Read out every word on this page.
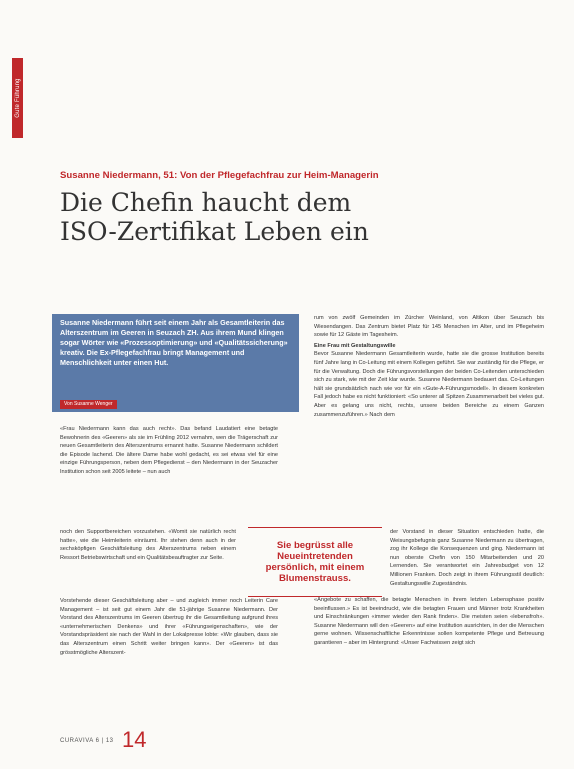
Gute Führung
Susanne Niedermann, 51: Von der Pflegefachfrau zur Heim-Managerin
Die Chefin haucht dem
ISO-Zertifikat Leben ein
Susanne Niedermann führt seit einem Jahr als Gesamtleiterin das Alterszentrum im Geeren in Seuzach ZH. Aus ihrem Mund klingen sogar Wörter wie «Prozessoptimierung» und «Qualitätssicherung» kreativ. Die Ex-Pflegefachfrau bringt Management und Menschlichkeit unter einen Hut.
Von Susanne Wenger

«Frau Niedermann kann das auch recht». Das befand Laudatiert eine betagte Bewohnerin des «Geeren» als sie im Frühling 2012 vernahm, wen die Trägerschaft zur neuen Gesamtleiterin des Alterszentrums ernannt hatte. Susanne Niedermann schildert die Episode lachend. Die ältere Dame habe wohl gedacht, es sei etwas viel für eine einzige Führungsperson, neben dem Pflegedienst – den Niedermann in der Seuzacher Institution schon seit 2005 leitete – nun auch

noch den Supportbereichen vorzustehen. «Womit sie natürlich recht hatte», wie die Heimleiterin einräumt. Ihr stehen denn auch in der sechsköpfigen Geschäftsleitung des Alterszentrums neben einem Ressort Betriebswirtschaft und ein Qualitätsbeauftragter zur Seite.

Sie begrüsst alle Neueintretenden persönlich, mit einem Blumenstrauss.

Vorstehende dieser Geschäftsleitung aber – und zugleich immer noch Leiterin Care Management – ist seit gut einem Jahr die 51-jährige Susanne Niedermann. Der Vorstand des Alterszentrums im Geeren übertrug ihr die Gesamtleitung aufgrund ihres «unternehmerischen Denkens» und ihrer «Führungseigenschaften», wie der Vorstandspräsident sie nach der Wahl in der Lokalpresse lobte: «Wir glauben, dass sie das Alterszentrum einen Schritt weiter bringen kann». Der «Geeren» ist das grösstmögliche Alterszent-

rum von zwölf Gemeinden im Zürcher Weinland, von Altikon über Seuzach bis Wiesendangen. Das Zentrum bietet Platz für 145 Menschen im Alter, und im Pflegeheim sowie für 12 Gäste im Tagesheim.

Eine Frau mit Gestaltungswille

Bevor Susanne Niedermann Gesamtleiterin wurde, hatte sie die grosse Institution bereits fünf Jahre lang in Co-Leitung mit einem Kollegen geführt. Sie war zuständig für die Pflege, er für die Verwaltung. Doch die Führungsvorstellungen der beiden Co-Leitenden unterschieden sich zu stark, wie mit der Zeit klar wurde. Susanne Niedermann bedauert das. Co-Leitungen hält sie grundsätzlich nach wie vor für ein «Gute-A-Führungsmodell». In diesem konkreten Fall jedoch habe es nicht funktioniert: «So unterer all Spitzen Zusammenarbeit bei vieles gut. Aber es gelang uns nicht, rechts, unsere beiden Bereiche zu einem Ganzen zusammenzuführen.» Nach dem

der Vorstand in dieser Situation entschieden hatte, die Weisungsbefugnis ganz Susanne Niedermann zu übertragen, zog ihr Kollege die Konsequenzen und ging. Niedermann ist nun oberste Chefin von 150 Mitarbeitenden und 20 Lernenden. Sie verantwortet ein Jahresbudget von 12 Millionen Franken. Doch zeigt in ihrem Führungsstil deutlich: Gestaltungswille Zugeständnis.

«Angebote zu schaffen, die betagte Menschen in ihrem letzten Lebensphase positiv beeinflussen.» Es ist beeindruckt, wie die betagten Frauen und Männer trotz Krankheiten und Einschränkungen «immer wieder den Rank finden». Die meisten seien «lebensfroh». Susanne Niedermann will den «Geeren» auf eine Institution ausrichten, in der die Menschen gerne wohnen. Wissenschaftliche Erkenntnisse sollen kompetente Pflege und Betreuung garantieren – aber im Hintergrund: «Unser Fachwissen zeigt sich

CURAVIVA 6 | 13 14
